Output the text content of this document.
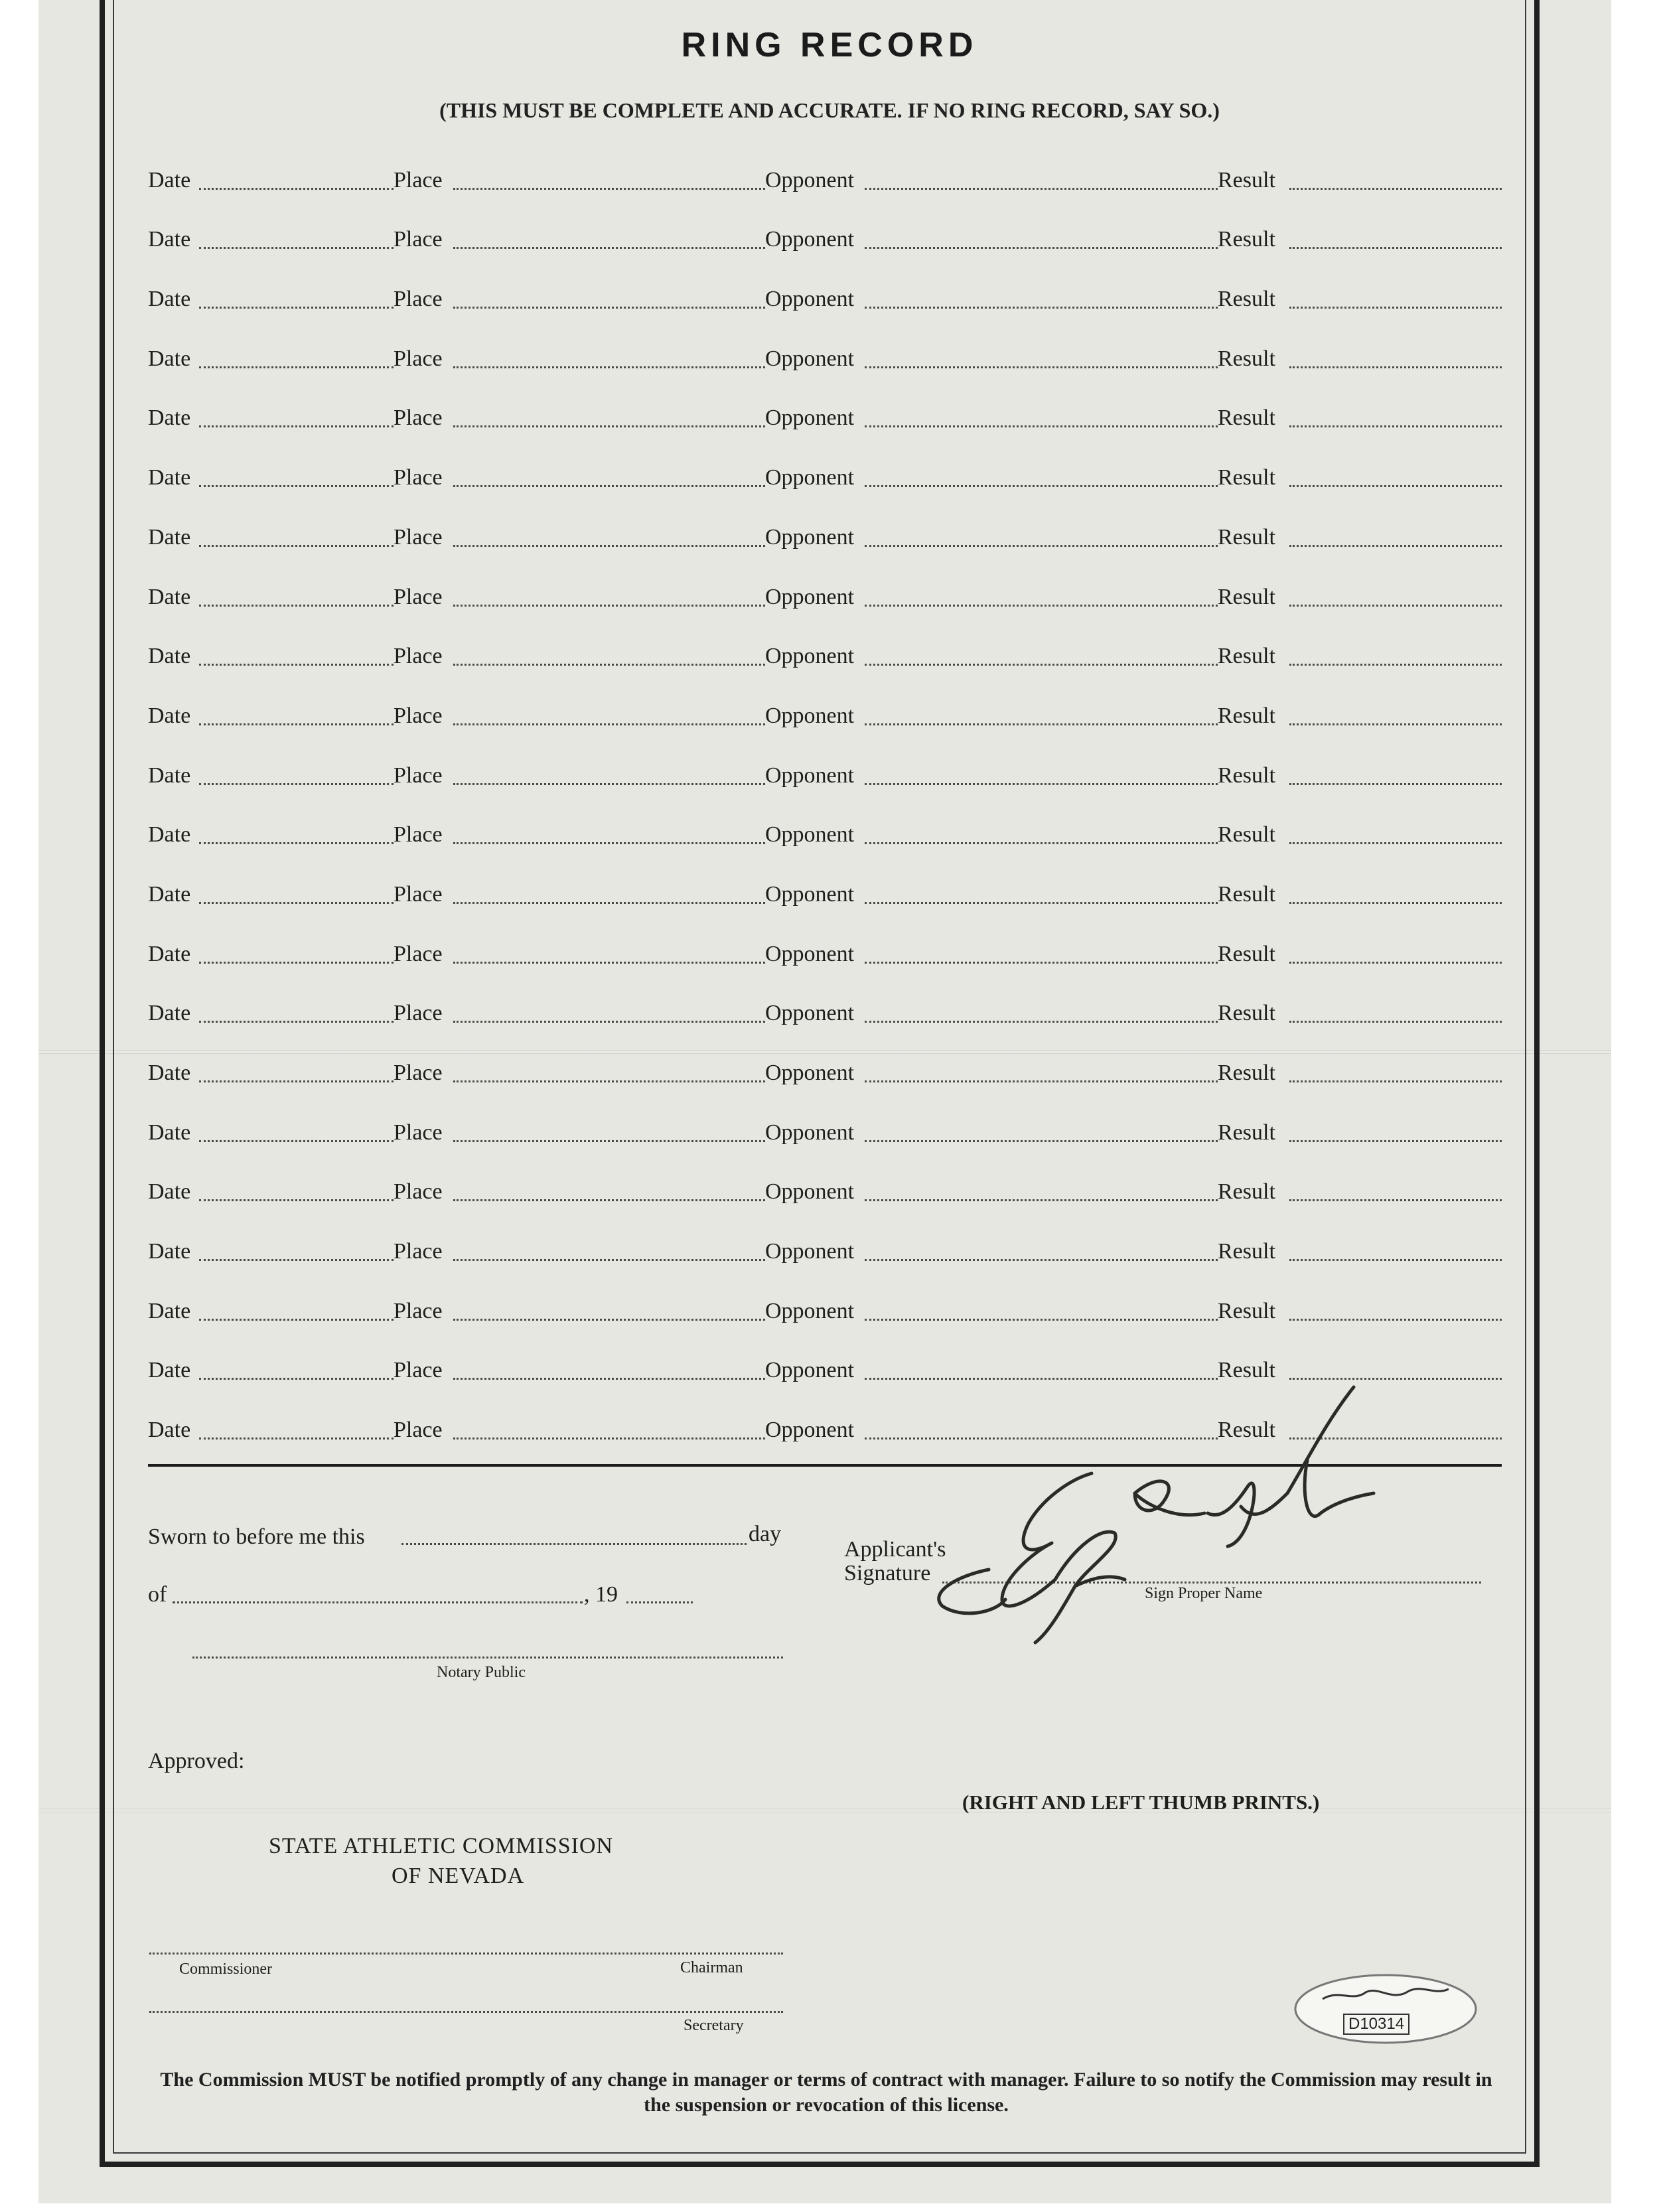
RING RECORD

(THIS MUST BE COMPLETE AND ACCURATE. IF NO RING RECORD, SAY SO.)

Date	Place	Opponent	Result
Date	Place	Opponent	Result
Date	Place	Opponent	Result
Date	Place	Opponent	Result
Date	Place	Opponent	Result
Date	Place	Opponent	Result
Date	Place	Opponent	Result
Date	Place	Opponent	Result
Date	Place	Opponent	Result
Date	Place	Opponent	Result
Date	Place	Opponent	Result
Date	Place	Opponent	Result
Date	Place	Opponent	Result
Date	Place	Opponent	Result
Date	Place	Opponent	Result
Date	Place	Opponent	Result
Date	Place	Opponent	Result
Date	Place	Opponent	Result
Date	Place	Opponent	Result
Date	Place	Opponent	Result
Date	Place	Opponent	Result
Date	Place	Opponent	Result
Sworn to before me this	day
of	, 19
Notary Public
Applicant's
Signature
Sign Proper Name
Approved:
(RIGHT AND LEFT THUMB PRINTS.)
STATE ATHLETIC COMMISSION
OF NEVADA
Commissioner	Chairman
Secretary	D10314

The Commission MUST be notified promptly of any change in manager or terms of contract with manager. Failure to so notify the Commission may result in the suspension or revocation of this license.
